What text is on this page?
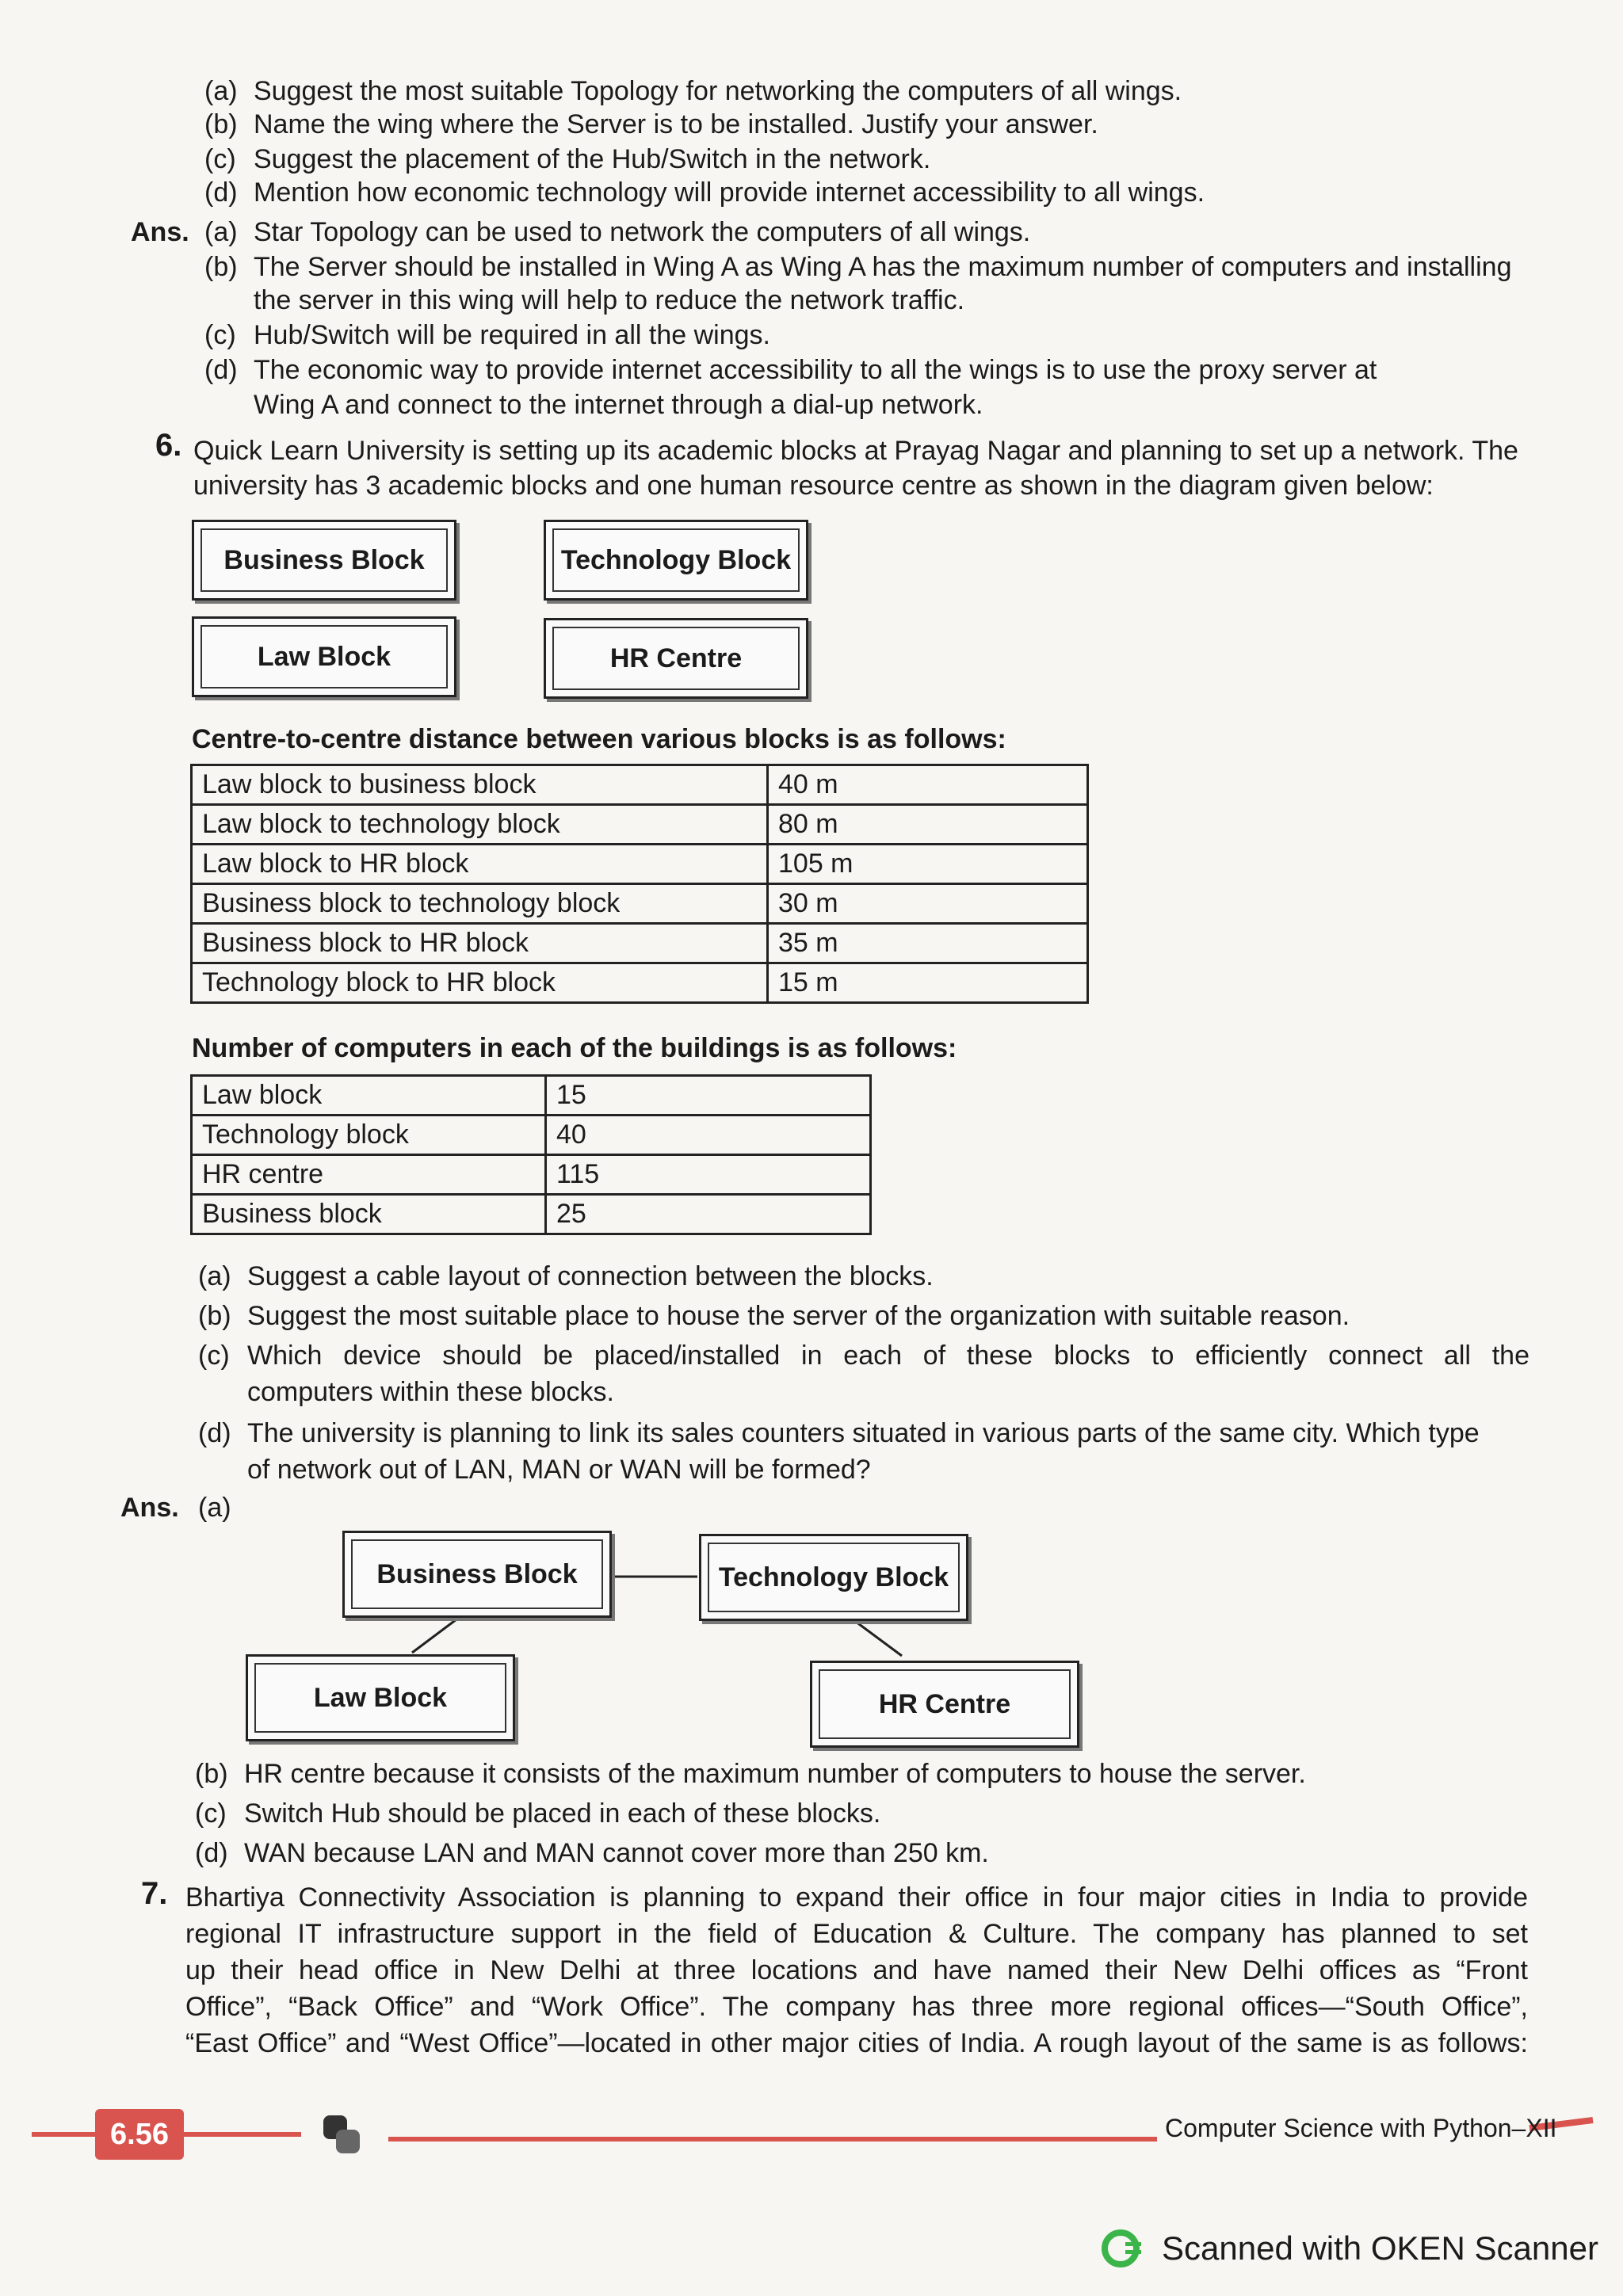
(a) Suggest the most suitable Topology for networking the computers of all wings.
(b) Name the wing where the Server is to be installed. Justify your answer.
(c) Suggest the placement of the Hub/Switch in the network.
(d) Mention how economic technology will provide internet accessibility to all wings.
Ans. (a) Star Topology can be used to network the computers of all wings.
(b) The Server should be installed in Wing A as Wing A has the maximum number of computers and installing
the server in this wing will help to reduce the network traffic.
(c) Hub/Switch will be required in all the wings.
(d) The economic way to provide internet accessibility to all the wings is to use the proxy server at
Wing A and connect to the internet through a dial-up network.
6. Quick Learn University is setting up its academic blocks at Prayag Nagar and planning to set up a network. The
university has 3 academic blocks and one human resource centre as shown in the diagram given below:
Business Block	Technology Block
Law Block	HR Centre
Centre-to-centre distance between various blocks is as follows:
Law block to business block	40 m
Law block to technology block	80 m
Law block to HR block	105 m
Business block to technology block	30 m
Business block to HR block	35 m
Technology block to HR block	15 m
Number of computers in each of the buildings is as follows:
Law block	15
Technology block	40
HR centre	115
Business block	25
(a) Suggest a cable layout of connection between the blocks.
(b) Suggest the most suitable place to house the server of the organization with suitable reason.
(c) Which device should be placed/installed in each of these blocks to efficiently connect all the
computers within these blocks.
(d) The university is planning to link its sales counters situated in various parts of the same city. Which type
of network out of LAN, MAN or WAN will be formed?
Ans. (a)
Business Block	Technology Block
Law Block	HR Centre
(b) HR centre because it consists of the maximum number of computers to house the server.
(c) Switch Hub should be placed in each of these blocks.
(d) WAN because LAN and MAN cannot cover more than 250 km.
7. Bhartiya Connectivity Association is planning to expand their office in four major cities in India to provide
regional IT infrastructure support in the field of Education & Culture. The company has planned to set
up their head office in New Delhi at three locations and have named their New Delhi offices as “Front
Office”, “Back Office” and “Work Office”. The company has three more regional offices—“South Office”,
“East Office” and “West Office”—located in other major cities of India. A rough layout of the same is as follows:
6.56	Computer Science with Python–XII
Scanned with OKEN Scanner
